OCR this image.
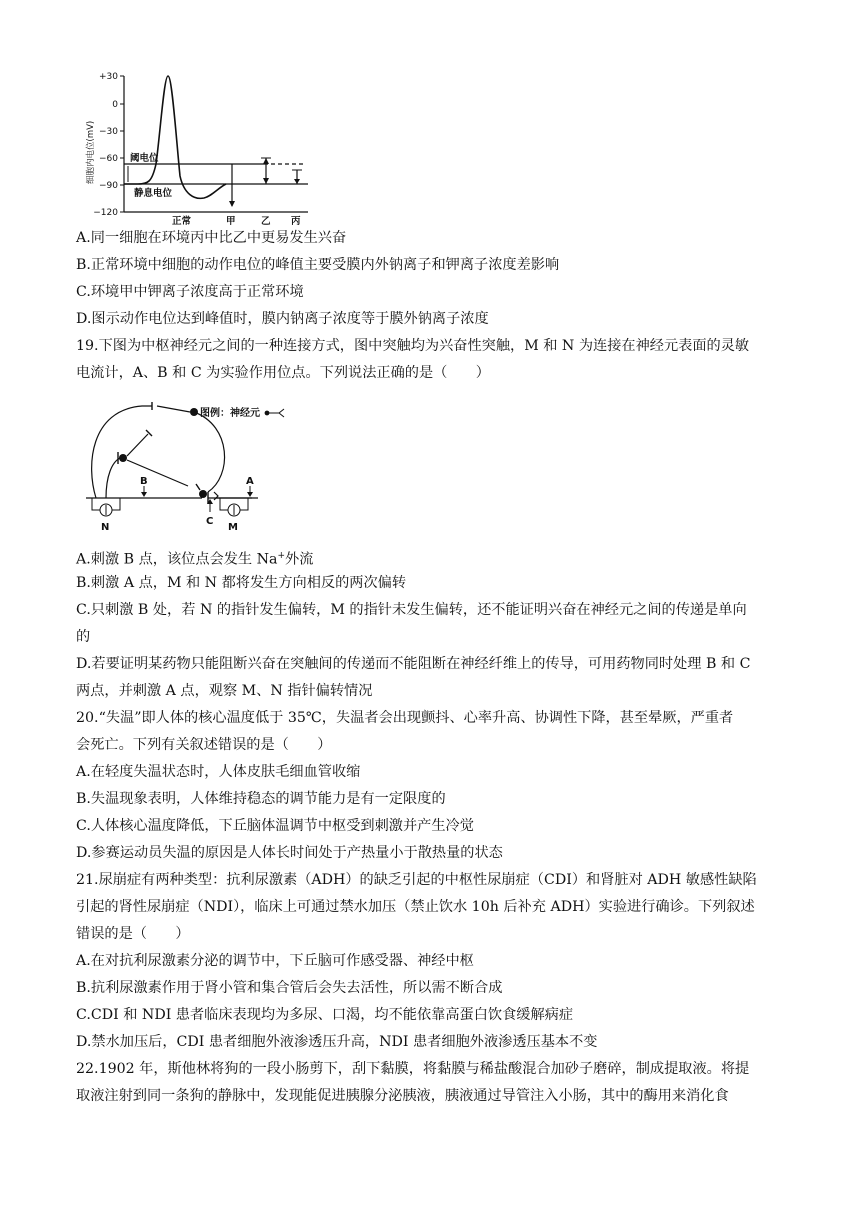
+30
0
−30
−60
−90
−120
细胞内电位(mV)	阈电位
静息电位
正常	甲	乙 丙
A.同一细胞在环境丙中比乙中更易发生兴奋
B.正常环境中细胞的动作电位的峰值主要受膜内外钠离子和钾离子浓度差影响
C.环境甲中钾离子浓度高于正常环境
D.图示动作电位达到峰值时，膜内钠离子浓度等于膜外钠离子浓度
19.下图为中枢神经元之间的一种连接方式，图中突触均为兴奋性突触，M 和 N 为连接在神经元表面的灵敏
电流计，A、B 和 C 为实验作用位点。下列说法正确的是（　　）
图例：神经元
B	A
C
N	M
A.刺激 B 点，该位点会发生 Na+外流
B.刺激 A 点，M 和 N 都将发生方向相反的两次偏转
C.只刺激 B 处，若 N 的指针发生偏转，M 的指针未发生偏转，还不能证明兴奋在神经元之间的传递是单向
的
D.若要证明某药物只能阻断兴奋在突触间的传递而不能阻断在神经纤维上的传导，可用药物同时处理 B 和 C
两点，并刺激 A 点，观察 M、N 指针偏转情况
20.“失温”即人体的核心温度低于 35℃，失温者会出现颤抖、心率升高、协调性下降，甚至晕厥，严重者
会死亡。下列有关叙述错误的是（　　）
A.在轻度失温状态时，人体皮肤毛细血管收缩
B.失温现象表明，人体维持稳态的调节能力是有一定限度的
C.人体核心温度降低，下丘脑体温调节中枢受到刺激并产生冷觉
D.参赛运动员失温的原因是人体长时间处于产热量小于散热量的状态
21.尿崩症有两种类型：抗利尿激素（ADH）的缺乏引起的中枢性尿崩症（CDI）和肾脏对 ADH 敏感性缺陷
引起的肾性尿崩症（NDI），临床上可通过禁水加压（禁止饮水 10h 后补充 ADH）实验进行确诊。下列叙述
错误的是（　　）
A.在对抗利尿激素分泌的调节中，下丘脑可作感受器、神经中枢
B.抗利尿激素作用于肾小管和集合管后会失去活性，所以需不断合成
C.CDI 和 NDI 患者临床表现均为多尿、口渴，均不能依靠高蛋白饮食缓解病症
D.禁水加压后，CDI 患者细胞外液渗透压升高，NDI 患者细胞外液渗透压基本不变
22.1902 年，斯他林将狗的一段小肠剪下，刮下黏膜，将黏膜与稀盐酸混合加砂子磨碎，制成提取液。将提
取液注射到同一条狗的静脉中，发现能促进胰腺分泌胰液，胰液通过导管注入小肠，其中的酶用来消化食
